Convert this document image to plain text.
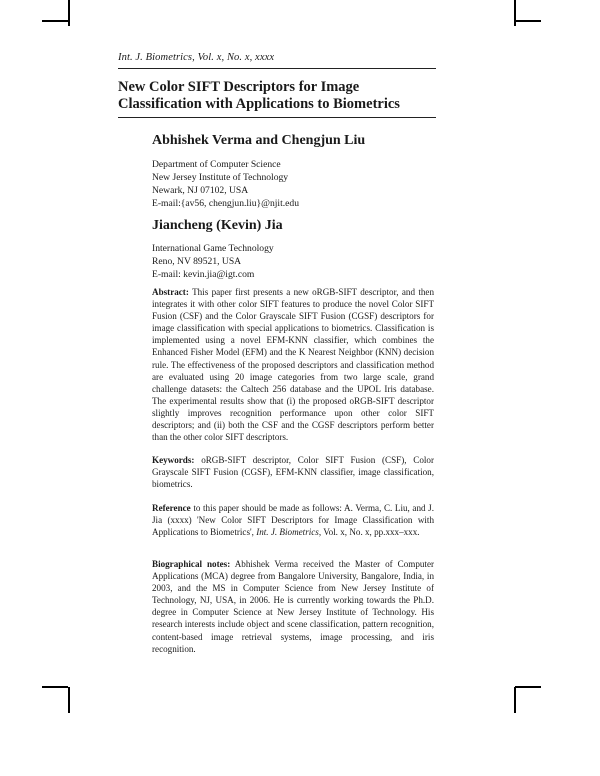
Int. J. Biometrics, Vol. x, No. x, xxxx
New Color SIFT Descriptors for Image
Classification with Applications to Biometrics
Abhishek Verma and Chengjun Liu
Department of Computer Science
New Jersey Institute of Technology
Newark, NJ 07102, USA
E-mail:{av56, chengjun.liu}@njit.edu
Jiancheng (Kevin) Jia
International Game Technology
Reno, NV 89521, USA
E-mail: kevin.jia@igt.com
Abstract: This paper first presents a new oRGB-SIFT descriptor, and then integrates it with other color SIFT features to produce the novel Color SIFT Fusion (CSF) and the Color Grayscale SIFT Fusion (CGSF) descriptors for image classification with special applications to biometrics. Classification is implemented using a novel EFM-KNN classifier, which combines the Enhanced Fisher Model (EFM) and the K Nearest Neighbor (KNN) decision rule. The effectiveness of the proposed descriptors and classification method are evaluated using 20 image categories from two large scale, grand challenge datasets: the Caltech 256 database and the UPOL Iris database. The experimental results show that (i) the proposed oRGB-SIFT descriptor slightly improves recognition performance upon other color SIFT descriptors; and (ii) both the CSF and the CGSF descriptors perform better than the other color SIFT descriptors.
Keywords: oRGB-SIFT descriptor, Color SIFT Fusion (CSF), Color Grayscale SIFT Fusion (CGSF), EFM-KNN classifier, image classification, biometrics.
Reference to this paper should be made as follows: A. Verma, C. Liu, and J. Jia (xxxx) 'New Color SIFT Descriptors for Image Classification with Applications to Biometrics', Int. J. Biometrics, Vol. x, No. x, pp.xxx–xxx.
Biographical notes: Abhishek Verma received the Master of Computer Applications (MCA) degree from Bangalore University, Bangalore, India, in 2003, and the MS in Computer Science from New Jersey Institute of Technology, NJ, USA, in 2006. He is currently working towards the Ph.D. degree in Computer Science at New Jersey Institute of Technology. His research interests include object and scene classification, pattern recognition, content-based image retrieval systems, image processing, and iris recognition.
